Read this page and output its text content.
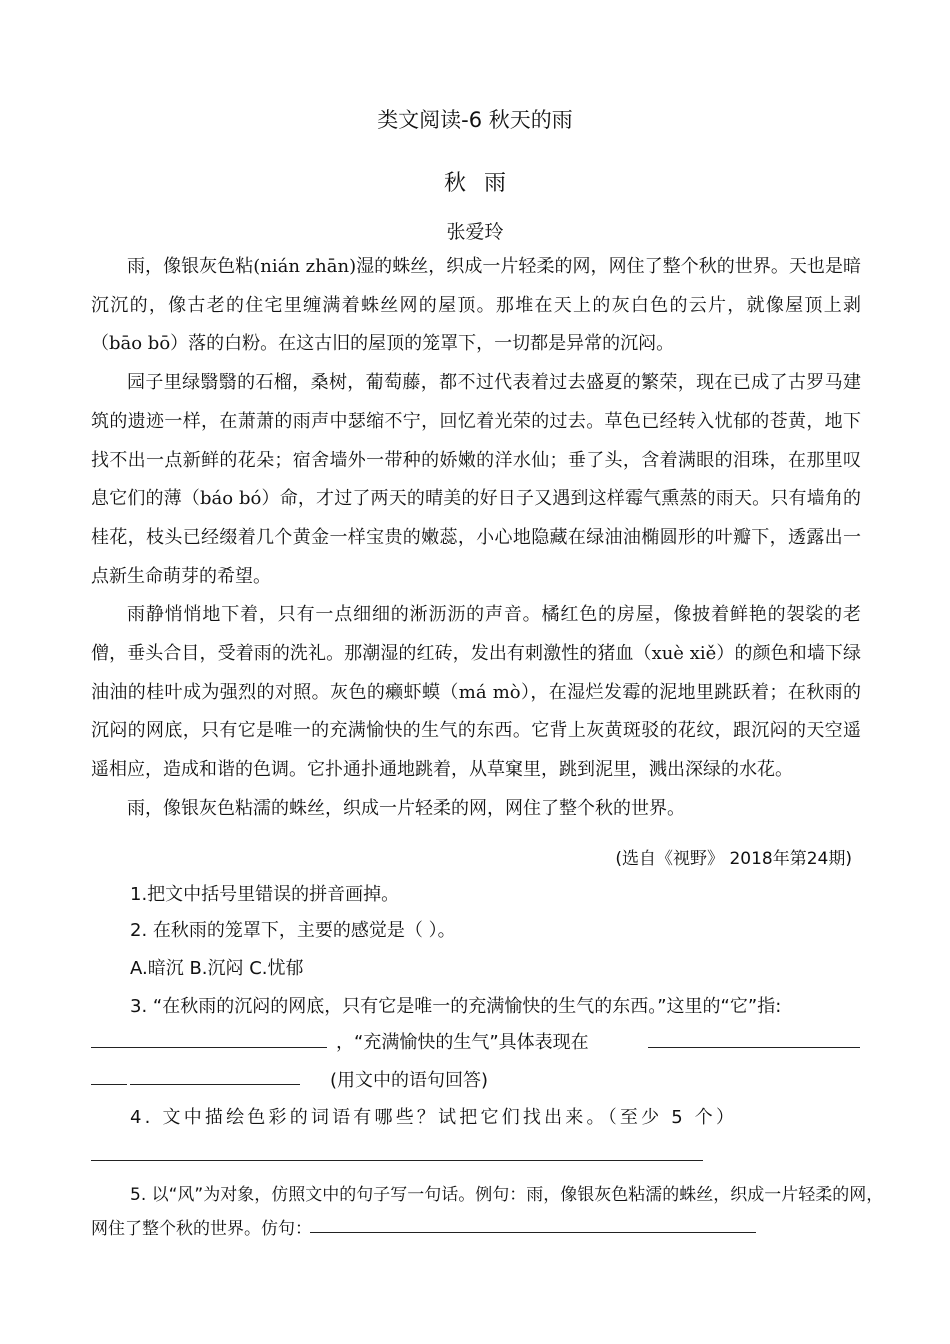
类文阅读-6 秋天的雨
秋雨
张爱玲

雨，像银灰色粘(nián zhān)湿的蛛丝，织成一片轻柔的网，网住了整个秋的世界。天也是暗沉沉的，像古老的住宅里缠满着蛛丝网的屋顶。那堆在天上的灰白色的云片，就像屋顶上剥（bāo bō）落的白粉。在这古旧的屋顶的笼罩下，一切都是异常的沉闷。

园子里绿翳翳的石榴，桑树，葡萄藤，都不过代表着过去盛夏的繁荣，现在已成了古罗马建筑的遗迹一样，在萧萧的雨声中瑟缩不宁，回忆着光荣的过去。草色已经转入忧郁的苍黄，地下找不出一点新鲜的花朵；宿舍墙外一带种的娇嫩的洋水仙；垂了头，含着满眼的泪珠，在那里叹息它们的薄（báo bó）命，才过了两天的晴美的好日子又遇到这样霉气熏蒸的雨天。只有墙角的桂花，枝头已经缀着几个黄金一样宝贵的嫩蕊，小心地隐藏在绿油油椭圆形的叶瓣下，透露出一点新生命萌芽的希望。

雨静悄悄地下着，只有一点细细的淅沥沥的声音。橘红色的房屋，像披着鲜艳的袈裟的老僧，垂头合目，受着雨的洗礼。那潮湿的红砖，发出有刺激性的猪血（xuè xiě）的颜色和墙下绿油油的桂叶成为强烈的对照。灰色的癞虾蟆（má mò），在湿烂发霉的泥地里跳跃着；在秋雨的沉闷的网底，只有它是唯一的充满愉快的生气的东西。它背上灰黄斑驳的花纹，跟沉闷的天空遥遥相应，造成和谐的色调。它扑通扑通地跳着，从草窠里，跳到泥里，溅出深绿的水花。

雨，像银灰色粘濡的蛛丝，织成一片轻柔的网，网住了整个秋的世界。

(选自《视野》 2018年第24期)
1.把文中括号里错误的拼音画掉。
2. 在秋雨的笼罩下，主要的感觉是（ ）。
A.暗沉 B.沉闷 C.忧郁
3. “在秋雨的沉闷的网底，只有它是唯一的充满愉快的生气的东西。”这里的“它”指:
，“充满愉快的生气”具体表现在
(用文中的语句回答)
4. 文中描绘色彩的词语有哪些？试把它们找出来。（至少 5 个）
5. 以“风”为对象，仿照文中的句子写一句话。例句：雨，像银灰色粘濡的蛛丝，织成一片轻柔的网，
网住了整个秋的世界。仿句：
